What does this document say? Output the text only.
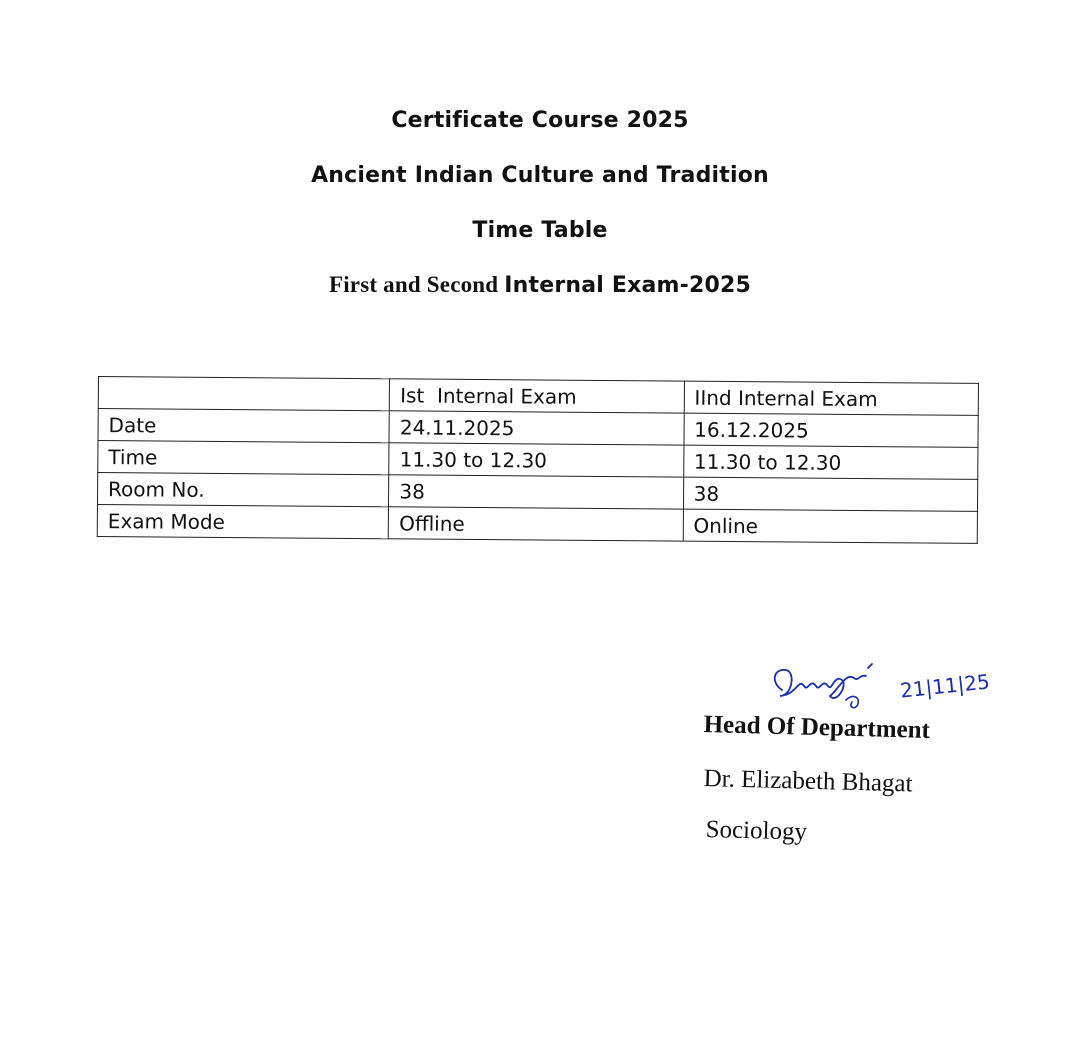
Certificate Course 2025
Ancient Indian Culture and Tradition
Time Table
First and Second Internal Exam-2025
	Ist  Internal Exam	IInd Internal Exam
Date	24.11.2025	16.12.2025
Time	11.30 to 12.30	11.30 to 12.30
Room No.	38	38
Exam Mode	Offline	Online
21|11|25
Head Of Department
Dr. Elizabeth Bhagat
Sociology
